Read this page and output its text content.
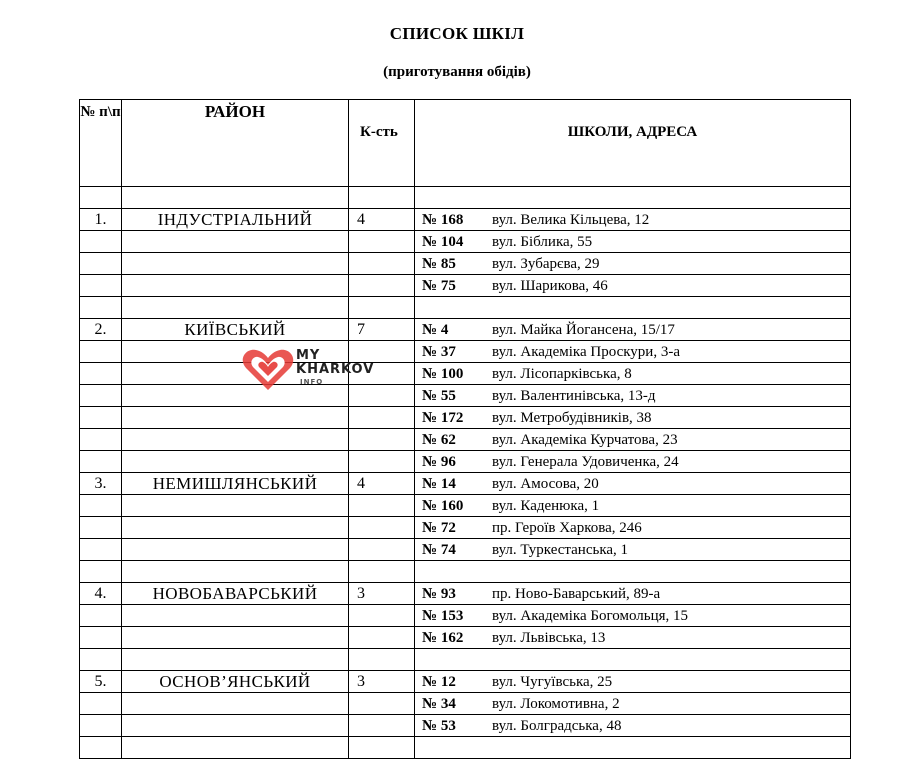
СПИСОК ШКІЛ
(приготування обідів)
№ п\п	РАЙОН	К-сть	ШКОЛИ, АДРЕСА

1.	ІНДУСТРІАЛЬНИЙ	4	№ 168 вул. Велика Кільцева, 12
			№ 104 вул. Біблика, 55
			№ 85 вул. Зубарєва, 29
			№ 75 вул. Шарикова, 46

2.	КИЇВСЬКИЙ	7	№ 4 вул. Майка Йогансена, 15/17
			№ 37 вул. Академіка Проскури, 3-а
			№ 100 вул. Лісопарківська, 8
			№ 55 вул. Валентинівська, 13-д
			№ 172 вул. Метробудівників, 38
			№ 62 вул. Академіка Курчатова, 23
			№ 96 вул. Генерала Удовиченка, 24
3.	НЕМИШЛЯНСЬКИЙ	4	№ 14 вул. Амосова, 20
			№ 160 вул. Каденюка, 1
			№ 72 пр. Героїв Харкова, 246
			№ 74 вул. Туркестанська, 1

4.	НОВОБАВАРСЬКИЙ	3	№ 93 пр. Ново-Баварський, 89-а
			№ 153 вул. Академіка Богомольця, 15
			№ 162 вул. Львівська, 13

5.	ОСНОВ’ЯНСЬКИЙ	3	№ 12 вул. Чугуївська, 25
			№ 34 вул. Локомотивна, 2
			№ 53 вул. Болградська, 48

MY
KHARKOV
INFO
